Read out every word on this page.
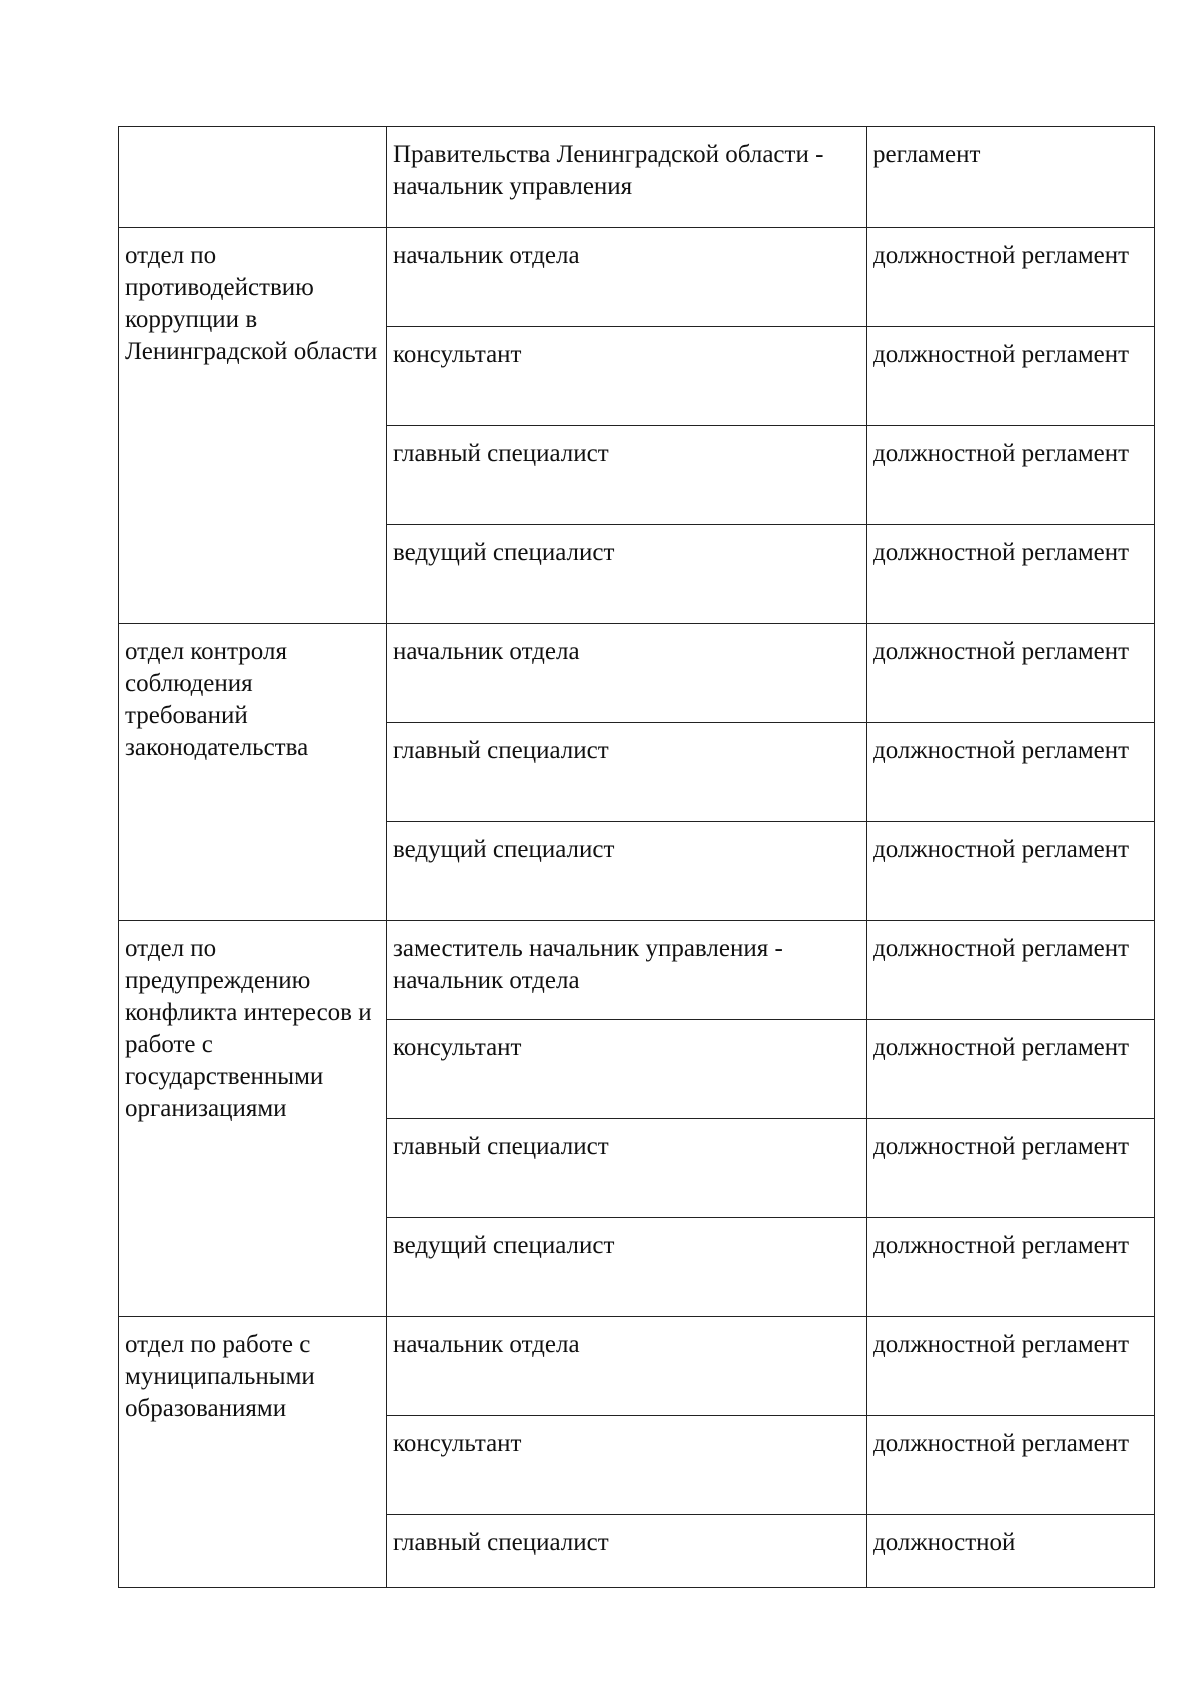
	Правительства Ленинградской области - начальник управления	регламент
отдел по противодействию коррупции в Ленинградской области	начальник отдела	должностной регламент
	консультант	должностной регламент
	главный специалист	должностной регламент
	ведущий специалист	должностной регламент
отдел контроля соблюдения требований законодательства	начальник отдела	должностной регламент
	главный специалист	должностной регламент
	ведущий специалист	должностной регламент
отдел по предупреждению конфликта интересов и работе с государственными организациями	заместитель начальник управления - начальник отдела	должностной регламент
	консультант	должностной регламент
	главный специалист	должностной регламент
	ведущий специалист	должностной регламент
отдел по работе с муниципальными образованиями	начальник отдела	должностной регламент
	консультант	должностной регламент
	главный специалист	должностной
